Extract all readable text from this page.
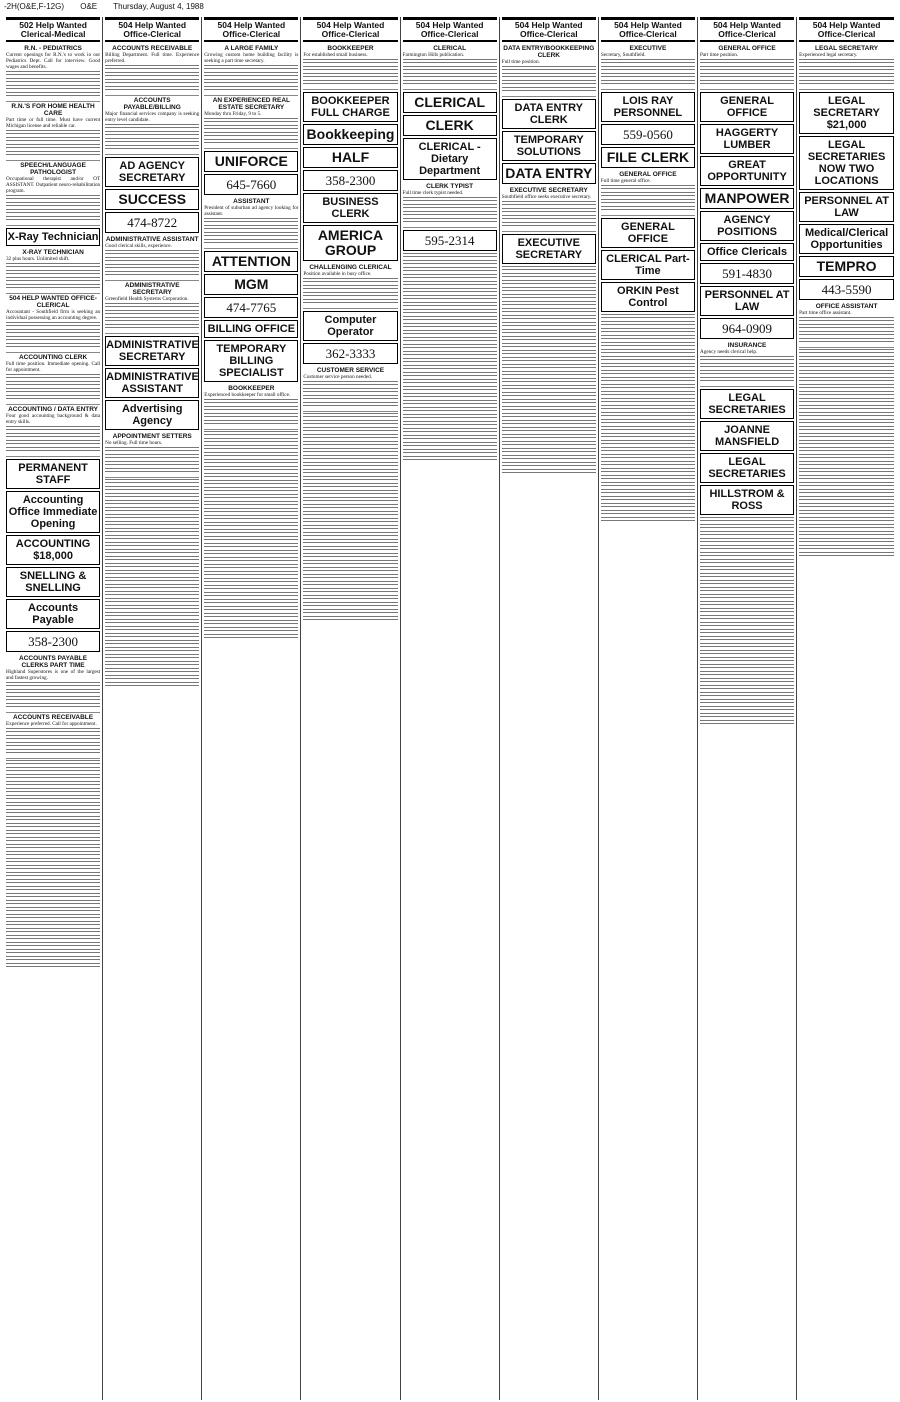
-2H(O&E,F-12G) O&E Thursday, August 4, 1988
502 Help Wanted Clerical-Medical
R.N. - PEDIATRICS
Current openings for R.N.'s to work in our Pediatrics Dept. Call for interview. Good wages and benefits.
R.N.'S FOR HOME HEALTH CARE
Part time or full time. Must have current Michigan license and reliable car.
SPEECH/LANGUAGE PATHOLOGIST
Occupational therapist and/or OT ASSISTANT. Outpatient neuro-rehabilitation program.
X-Ray Technician
X-RAY TECHNICIAN
32 plus hours. Unlimited shift.
504 HELP WANTED OFFICE-CLERICAL
Accountant - Southfield firm is seeking an individual possessing an accounting degree.
ACCOUNTING CLERK
Full time position. Immediate opening. Call for appointment.
ACCOUNTING / DATA ENTRY
Four good accounting background & data entry skills.
PERMANENT STAFF
Accounting Office Immediate Opening
ACCOUNTING $18,000
SNELLING & SNELLING
Accounts Payable
358-2300
ACCOUNTS PAYABLE CLERKS PART TIME
Highland Superstores is one of the largest and fastest growing.
ACCOUNTS RECEIVABLE
Experience preferred. Call for appointment.
504 Help Wanted Office-Clerical
ACCOUNTS RECEIVABLE
Billing Department. Full time. Experience preferred.
ACCOUNTS PAYABLE/BILLING
Major financial services company is seeking entry level candidate.
AD AGENCY SECRETARY
SUCCESS
474-8722
ADMINISTRATIVE ASSISTANT
Good clerical skills, experience.
ADMINISTRATIVE SECRETARY
Greenfield Health Systems Corporation.
ADMINISTRATIVE SECRETARY
ADMINISTRATIVE ASSISTANT
Advertising Agency
APPOINTMENT SETTERS
No selling. Full time hours.
504 Help Wanted Office-Clerical
A LARGE FAMILY
Growing custom home building facility is seeking a part time secretary.
AN EXPERIENCED REAL ESTATE SECRETARY
Monday thru Friday, 9 to 5.
UNIFORCE
645-7660
ASSISTANT
President of suburban ad agency looking for assistant.
ATTENTION
MGM
474-7765
BILLING OFFICE
TEMPORARY BILLING SPECIALIST
BOOKKEEPER
Experienced bookkeeper for small office.
504 Help Wanted Office-Clerical
BOOKKEEPER
For established small business.
BOOKKEEPER FULL CHARGE
Bookkeeping
HALF
358-2300
BUSINESS CLERK
AMERICA GROUP
CHALLENGING CLERICAL
Position available in busy office.
Computer Operator
362-3333
CUSTOMER SERVICE
Customer service person needed.
504 Help Wanted Office-Clerical
CLERICAL
Farmington Hills publication.
CLERICAL
CLERK
CLERICAL - Dietary Department
CLERK TYPIST
Full time clerk typist needed.
595-2314
504 Help Wanted Office-Clerical
DATA ENTRY/BOOKKEEPING CLERK
Full time position.
DATA ENTRY CLERK
TEMPORARY SOLUTIONS
DATA ENTRY
EXECUTIVE SECRETARY
Southfield office seeks executive secretary.
EXECUTIVE SECRETARY
504 Help Wanted Office-Clerical
EXECUTIVE
Secretary, Southfield.
LOIS RAY PERSONNEL
559-0560
FILE CLERK
GENERAL OFFICE
Full time general office.
GENERAL OFFICE
CLERICAL Part-Time
ORKIN Pest Control
504 Help Wanted Office-Clerical
GENERAL OFFICE
Part time position.
GENERAL OFFICE
HAGGERTY LUMBER
GREAT OPPORTUNITY
MANPOWER
AGENCY POSITIONS
Office Clericals
591-4830
PERSONNEL AT LAW
964-0909
INSURANCE
Agency needs clerical help.
LEGAL SECRETARIES
JOANNE MANSFIELD
LEGAL SECRETARIES
HILLSTROM & ROSS
504 Help Wanted Office-Clerical
LEGAL SECRETARY
Experienced legal secretary.
LEGAL SECRETARY $21,000
LEGAL SECRETARIES NOW TWO LOCATIONS
PERSONNEL AT LAW
Medical/Clerical Opportunities
TEMPRO
443-5590
OFFICE ASSISTANT
Part time office assistant.
